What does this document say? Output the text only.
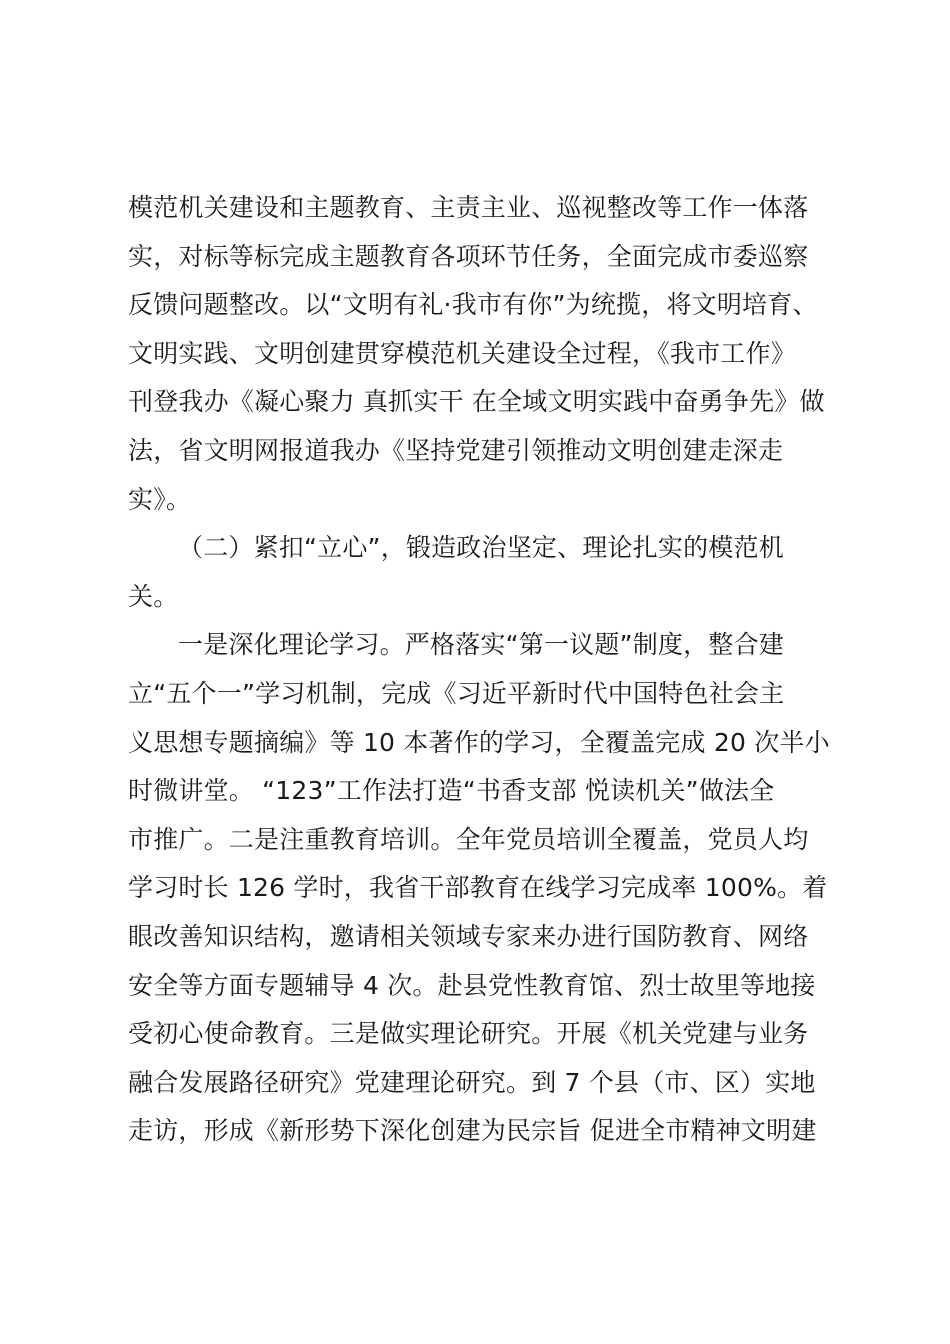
模范机关建设和主题教育、主责主业、巡视整改等工作一体落
实，对标等标完成主题教育各项环节任务，全面完成市委巡察
反馈问题整改。以“文明有礼·我市有你”为统揽，将文明培育、
文明实践、文明创建贯穿模范机关建设全过程，《我市工作》
刊登我办《凝心聚力 真抓实干 在全域文明实践中奋勇争先》做
法，省文明网报道我办《坚持党建引领推动文明创建走深走
实》。
（二）紧扣“立心”，锻造政治坚定、理论扎实的模范机
关。
一是深化理论学习。严格落实“第一议题”制度，整合建
立“五个一”学习机制，完成《习近平新时代中国特色社会主
义思想专题摘编》等 10 本著作的学习，全覆盖完成 20 次半小
时微讲堂。 “123”工作法打造“书香支部 悦读机关”做法全
市推广。二是注重教育培训。全年党员培训全覆盖，党员人均
学习时长 126 学时，我省干部教育在线学习完成率 100%。着
眼改善知识结构，邀请相关领域专家来办进行国防教育、网络
安全等方面专题辅导 4 次。赴县党性教育馆、烈士故里等地接
受初心使命教育。三是做实理论研究。开展《机关党建与业务
融合发展路径研究》党建理论研究。到 7 个县（市、区）实地
走访，形成《新形势下深化创建为民宗旨 促进全市精神文明建
